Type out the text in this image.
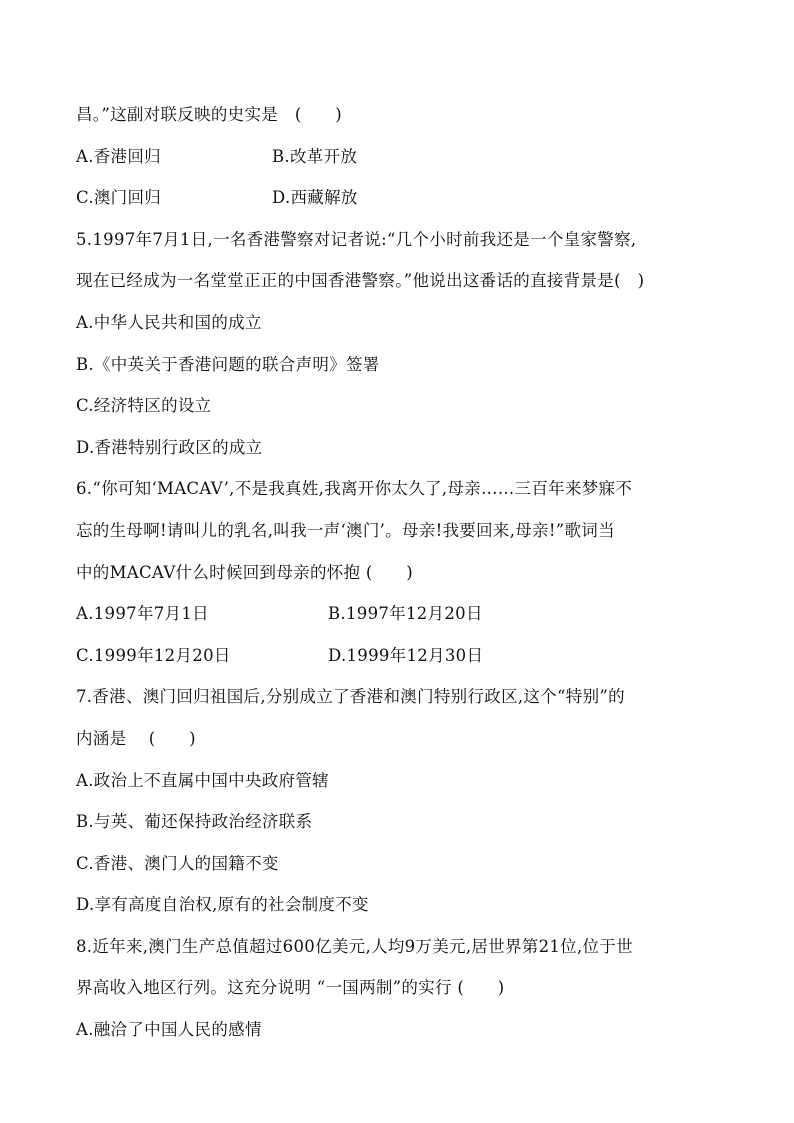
昌。”这副对联反映的史实是　(　　)
A.香港回归	B.改革开放
C.澳门回归	D.西藏解放
5.1997年7月1日,一名香港警察对记者说:“几个小时前我还是一个皇家警察,
现在已经成为一名堂堂正正的中国香港警察。”他说出这番话的直接背景是(　)
A.中华人民共和国的成立
B.《中英关于香港问题的联合声明》签署
C.经济特区的设立
D.香港特别行政区的成立
6.“你可知‘MACAV’,不是我真姓,我离开你太久了,母亲……三百年来梦寐不
忘的生母啊!请叫儿的乳名,叫我一声‘澳门’。母亲!我要回来,母亲!”歌词当
中的MACAV什么时候回到母亲的怀抱 (　　)
A.1997年7月1日	B.1997年12月20日
C.1999年12月20日	D.1999年12月30日
7.香港、澳门回归祖国后,分别成立了香港和澳门特别行政区,这个“特别”的
内涵是　 (　　)
A.政治上不直属中国中央政府管辖
B.与英、葡还保持政治经济联系
C.香港、澳门人的国籍不变
D.享有高度自治权,原有的社会制度不变
8.近年来,澳门生产总值超过600亿美元,人均9万美元,居世界第21位,位于世
界高收入地区行列。这充分说明 “一国两制”的实行 (　　)
A.融洽了中国人民的感情
